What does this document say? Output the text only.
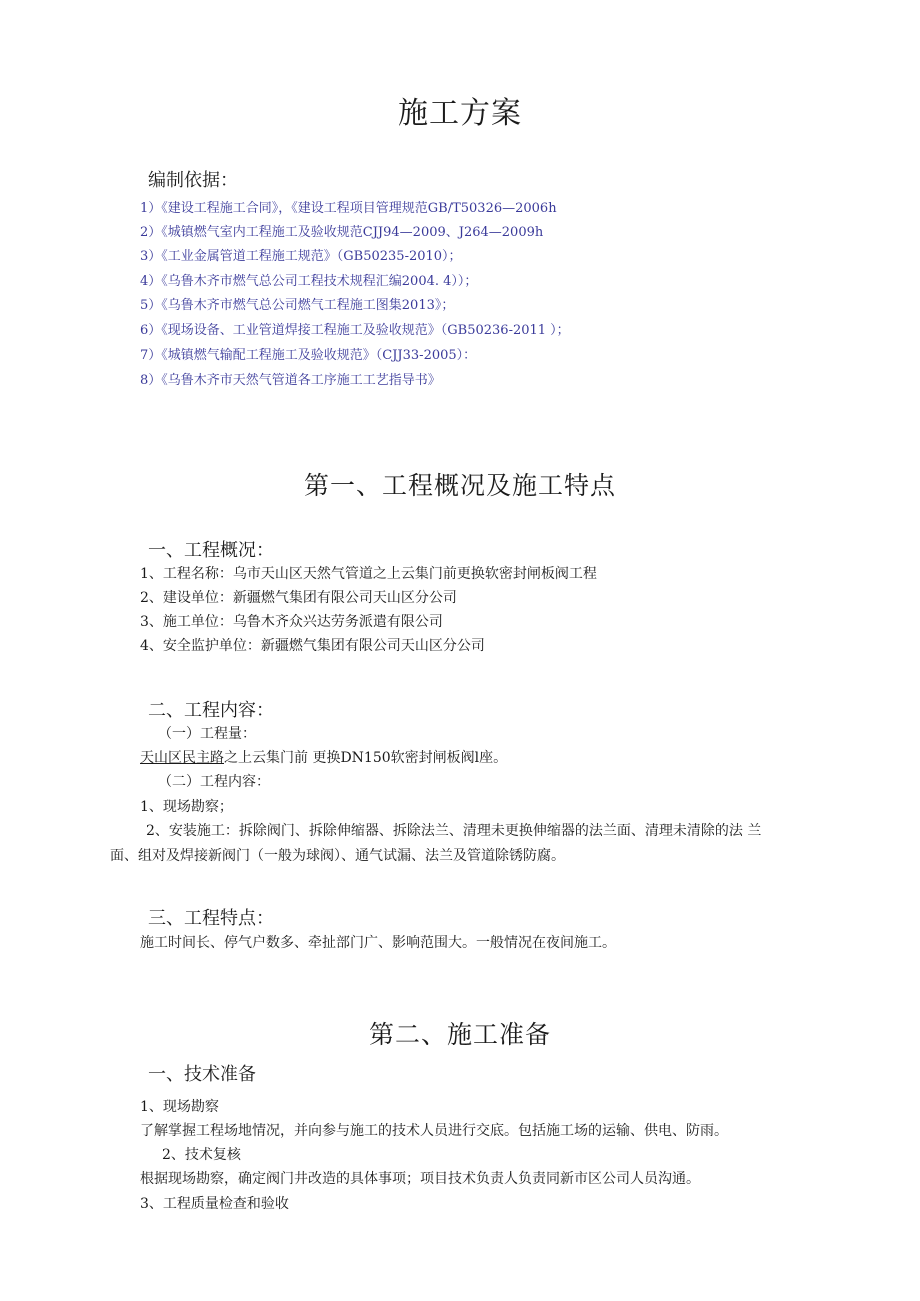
施工方案
编制依据：
1）《建设工程施工合同》，《建设工程项目管理规范GB/T50326—2006h
2）《城镇燃气室内工程施工及验收规范CJJ94—2009、J264—2009h
3）《工业金属管道工程施工规范》（GB50235-2010）；
4）《乌鲁木齐市燃气总公司工程技术规程汇编2004. 4））；
5）《乌鲁木齐市燃气总公司燃气工程施工图集2013》；
6）《现场设备、工业管道焊接工程施工及验收规范》（GB50236-2011 ）；
7）《城镇燃气输配工程施工及验收规范》（CJJ33-2005）：
8）《乌鲁木齐市天然气管道各工序施工工艺指导书》
第一、工程概况及施工特点
一、工程概况：
1、工程名称：乌市天山区天然气管道之上云集门前更换软密封闸板阀工程
2、建设单位：新疆燃气集团有限公司天山区分公司
3、施工单位：乌鲁木齐众兴达劳务派遣有限公司
4、安全监护单位：新疆燃气集团有限公司天山区分公司
二、工程内容：
（一）工程量：
天山区民主路之上云集门前 更换DN150软密封闸板阀l座。
（二）工程内容：
1、现场勘察；
2、安装施工：拆除阀门、拆除伸缩器、拆除法兰、清理未更换伸缩器的法兰面、清理未清除的法 兰
面、组对及焊接新阀门（一般为球阀）、通气试漏、法兰及管道除锈防腐。
三、工程特点：
施工时间长、停气户数多、牵扯部门广、影响范围大。一般情况在夜间施工。
第二、施工准备
一、技术准备
1、现场勘察
了解掌握工程场地情况，并向参与施工的技术人员进行交底。包括施工场的运输、供电、防雨。
2、技术复核
根据现场勘察，确定阀门井改造的具体事项；项目技术负责人负责同新市区公司人员沟通。
3、工程质量检查和验收
